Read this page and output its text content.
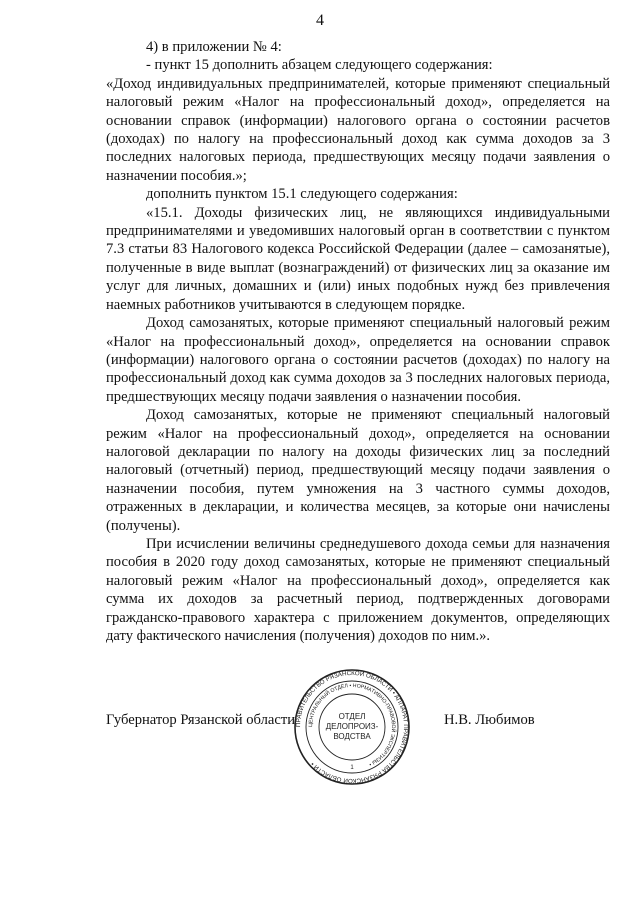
4

4) в приложении № 4:

- пункт 15 дополнить абзацем следующего содержания:

«Доход индивидуальных предпринимателей, которые применяют специальный налоговый режим «Налог на профессиональный доход», определяется на основании справок (информации) налогового органа о состоянии расчетов (доходах) по налогу на профессиональный доход как сумма доходов за 3 последних налоговых периода, предшествующих месяцу подачи заявления о назначении пособия.»;

дополнить пунктом 15.1 следующего содержания:

«15.1. Доходы физических лиц, не являющихся индивидуальными предпринимателями и уведомивших налоговый орган в соответствии с пунктом 7.3 статьи 83 Налогового кодекса Российской Федерации (далее – самозанятые), полученные в виде выплат (вознаграждений) от физических лиц за оказание им услуг для личных, домашних и (или) иных подобных нужд без привлечения наемных работников учитываются в следующем порядке.

Доход самозанятых, которые применяют специальный налоговый режим «Налог на профессиональный доход», определяется на основании справок (информации) налогового органа о состоянии расчетов (доходах) по налогу на профессиональный доход как сумма доходов за 3 последних налоговых периода, предшествующих месяцу подачи заявления о назначении пособия.

Доход самозанятых, которые не применяют специальный налоговый режим «Налог на профессиональный доход», определяется на основании налоговой декларации по налогу на доходы физических лиц за последний налоговый (отчетный) период, предшествующий месяцу подачи заявления о назначении пособия, путем умножения на 3 частного суммы доходов, отраженных в декларации, и количества месяцев, за которые они начислены (получены).

При исчислении величины среднедушевого дохода семьи для назначения пособия в 2020 году доход самозанятых, которые не применяют специальный налоговый режим «Налог на профессиональный доход», определяется как сумма их доходов за расчетный период, подтвержденных договорами гражданско-правового характера с приложением документов, определяющих дату фактического начисления (получения) доходов по ним.».

Губернатор Рязанской области	Н.В. Любимов
ПРАВИТЕЛЬСТВО РЯЗАНСКОЙ ОБЛАСТИ • АППАРАТ ПРАВИТЕЛЬСТВА РЯЗАНСКОЙ ОБЛАСТИ •
ЦЕНТРАЛЬНЫЙ ОТДЕЛ • НОРМАТИВНО-ПРАВОВОЙ ЭКСПЕРТИЗЫ •
ОТДЕЛ
ДЕЛОПРОИЗ-
ВОДСТВА
1
